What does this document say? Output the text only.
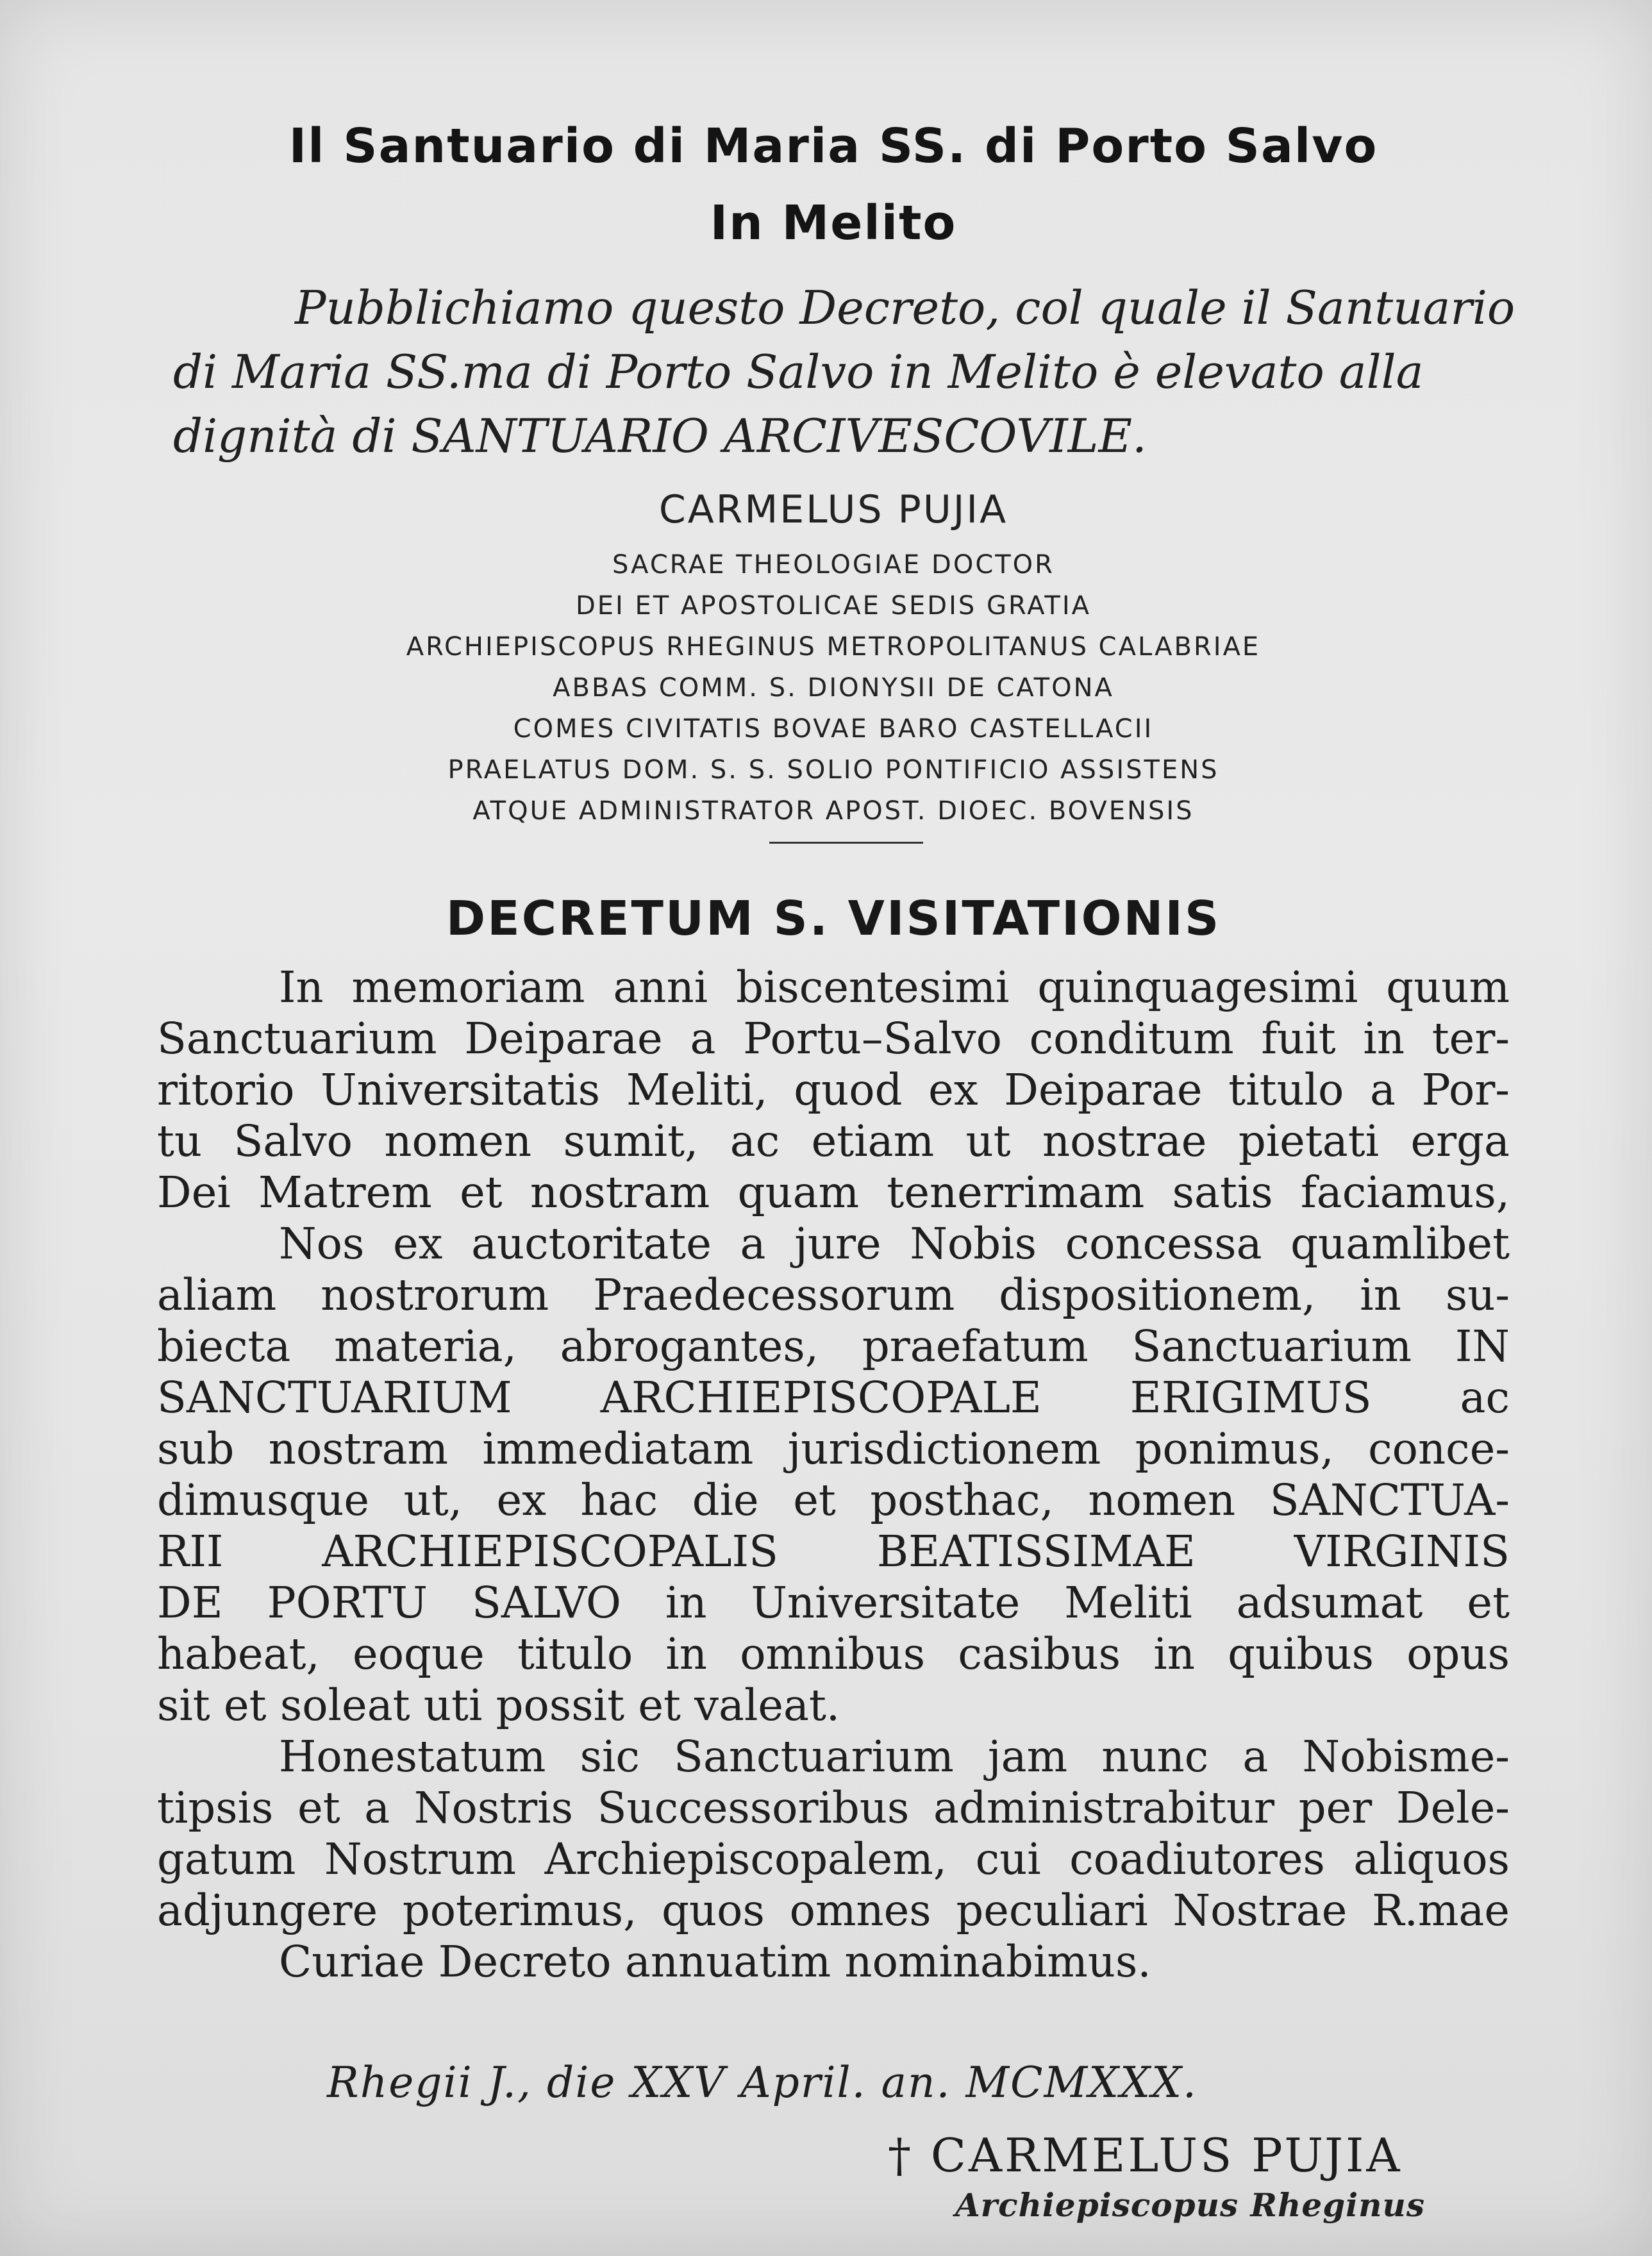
Il Santuario di Maria SS. di Porto Salvo
In Melito
Pubblichiamo questo Decreto, col quale il Santuario
di Maria SS.ma di Porto Salvo in Melito è elevato alla
dignità di SANTUARIO ARCIVESCOVILE.
CARMELUS PUJIA
SACRAE THEOLOGIAE DOCTOR
DEI ET APOSTOLICAE SEDIS GRATIA
ARCHIEPISCOPUS RHEGINUS METROPOLITANUS CALABRIAE
ABBAS COMM. S. DIONYSII DE CATONA
COMES CIVITATIS BOVAE BARO CASTELLACII
PRAELATUS DOM. S. S. SOLIO PONTIFICIO ASSISTENS
ATQUE ADMINISTRATOR APOST. DIOEC. BOVENSIS
DECRETUM S. VISITATIONIS
In memoriam anni biscentesimi quinquagesimi quum
Sanctuarium Deiparae a Portu–Salvo conditum fuit in ter-
ritorio Universitatis Meliti, quod ex Deiparae titulo a Por-
tu Salvo nomen sumit, ac etiam ut nostrae pietati erga
Dei Matrem et nostram quam tenerrimam satis faciamus,
Nos ex auctoritate a jure Nobis concessa quamlibet
aliam nostrorum Praedecessorum dispositionem, in su-
biecta materia, abrogantes, praefatum Sanctuarium IN
SANCTUARIUM ARCHIEPISCOPALE ERIGIMUS ac
sub nostram immediatam jurisdictionem ponimus, conce-
dimusque ut, ex hac die et posthac, nomen SANCTUA-
RII ARCHIEPISCOPALIS BEATISSIMAE VIRGINIS
DE PORTU SALVO in Universitate Meliti adsumat et
habeat, eoque titulo in omnibus casibus in quibus opus
sit et soleat uti possit et valeat.
Honestatum sic Sanctuarium jam nunc a Nobisme-
tipsis et a Nostris Successoribus administrabitur per Dele-
gatum Nostrum Archiepiscopalem, cui coadiutores aliquos
adjungere poterimus, quos omnes peculiari Nostrae R.mae
Curiae Decreto annuatim nominabimus.
Rhegii J., die XXV April. an. MCMXXX.
† CARMELUS PUJIA
Archiepiscopus Rheginus
